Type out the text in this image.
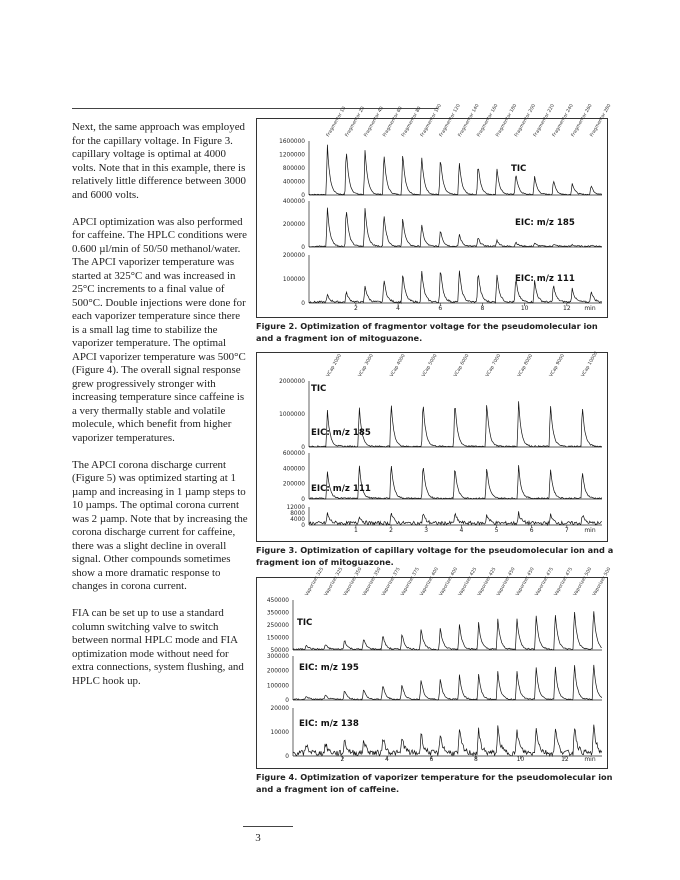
Next, the same approach was employed for the capillary voltage. In Figure 3. capillary voltage is optimal at 4000 volts. Note that in this example, there is relatively little difference between 3000 and 6000 volts.

APCI optimization was also performed for caffeine. The HPLC conditions were 0.600 µl/min of 50/50 methanol/water. The APCI vaporizer temperature was started at 325°C and was increased in 25°C increments to a final value of 500°C. Double injections were done for each vaporizer temperature since there is a small lag time to stabilize the vaporizer temperature. The optimal APCI vaporizer temperature was 500°C (Figure 4). The overall signal response grew progressively stronger with increasing temperature since caffeine is a very thermally stable and volatile molecule, which benefit from higher vaporizer temperatures.

The APCI corona discharge current (Figure 5) was optimized starting at 1 µamp and increasing in 1 µamp steps to 10 µamps. The optimal corona current was 2 µamp. Note that by increasing the corona discharge current for caffeine, there was a slight decline in overall signal. Other compounds sometimes show a more dramatic response to changes in corona current.

FIA can be set up to use a standard column switching valve to switch between normal HPLC mode and FIA optimization mode without need for extra connections, system flushing, and HPLC hook up.

Fragmentor 10
Fragmentor 20
Fragmentor 40
Fragmentor 60
Fragmentor 80
Fragmentor 100
Fragmentor 120
Fragmentor 140
Fragmentor 160
Fragmentor 180
Fragmentor 200
Fragmentor 220
Fragmentor 240
Fragmentor 260
Fragmentor 280
1600000
1200000
800000
400000
0
TIC
400000
200000
0
EIC: m/z 185
200000
100000
0
EIC: m/z 111
2	4	6	8	10	12 min
Figure 2. Optimization of fragmentor voltage for the pseudomolecular ion and a fragment ion of mitoguazone.
VCap 2000	VCap 3000	VCap 4000	VCap 5000	VCap 6000	VCap 7000	VCap 8000	VCap 9000	VCap 10000
2000000
1000000
0
TIC
600000
400000
200000
0
EIC: m/z 185
12000
8000
4000
0
EIC: m/z 111
1	2	3	4	5	6	7	min
Figure 3. Optimization of capillary voltage for the pseudomolecular ion and a fragment ion of mitoguazone.
Vaporizer 325
Vaporizer 325
Vaporizer 350
Vaporizer 350
Vaporizer 375
Vaporizer 375
Vaporizer 400
Vaporizer 400
Vaporizer 425
Vaporizer 425
Vaporizer 450
Vaporizer 450
Vaporizer 475
Vaporizer 475
Vaporizer 500
Vaporizer 500
450000
350000
250000
150000
50000
TIC
300000
200000
100000
0
EIC: m/z 195
20000
10000
0
EIC: m/z 138
2	4	6	8	10	12	min
Figure 4. Optimization of vaporizer temperature for the pseudomolecular ion and a fragment ion of caffeine.
3
